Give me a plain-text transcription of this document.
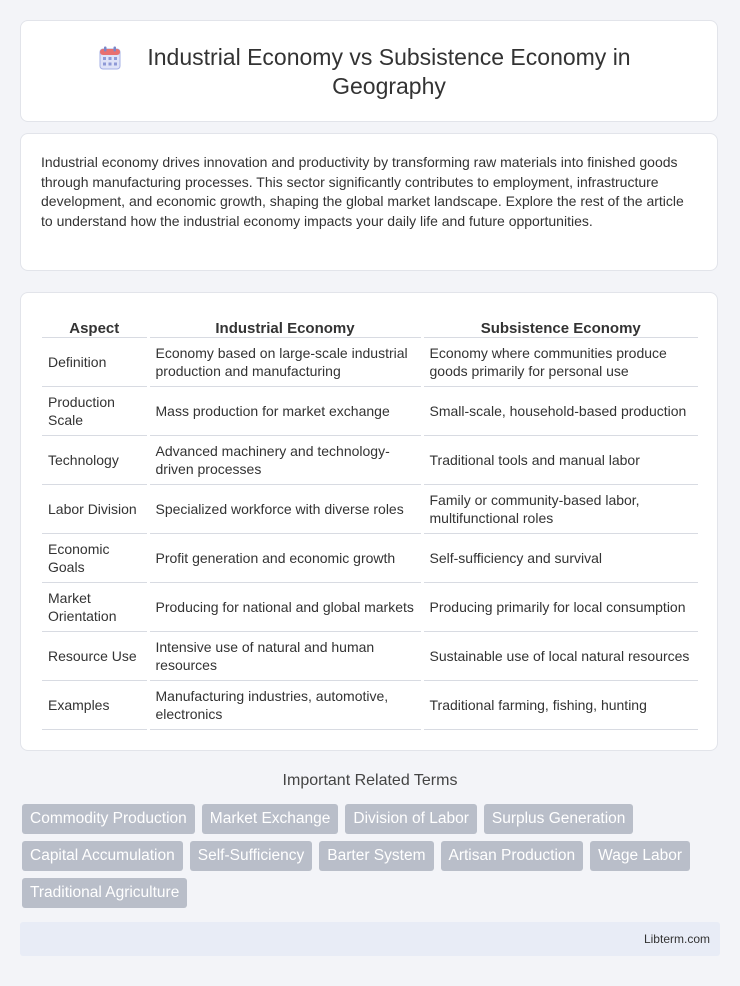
Industrial Economy vs Subsistence Economy in Geography

Industrial economy drives innovation and productivity by transforming raw materials into finished goods through manufacturing processes. This sector significantly contributes to employment, infrastructure development, and economic growth, shaping the global market landscape. Explore the rest of the article to understand how the industrial economy impacts your daily life and future opportunities.

Aspect	Industrial Economy	Subsistence Economy
Definition	Economy based on large-scale industrial production and manufacturing	Economy where communities produce goods primarily for personal use
Production Scale	Mass production for market exchange	Small-scale, household-based production
Technology	Advanced machinery and technology-driven processes	Traditional tools and manual labor
Labor Division	Specialized workforce with diverse roles	Family or community-based labor, multifunctional roles
Economic Goals	Profit generation and economic growth	Self-sufficiency and survival
Market Orientation	Producing for national and global markets	Producing primarily for local consumption
Resource Use	Intensive use of natural and human resources	Sustainable use of local natural resources
Examples	Manufacturing industries, automotive, electronics	Traditional farming, fishing, hunting
Important Related Terms
Commodity Production	Market Exchange	Division of Labor	Surplus Generation
Capital Accumulation	Self-Sufficiency	Barter System	Artisan Production	Wage Labor
Traditional Agriculture
Libterm.com
